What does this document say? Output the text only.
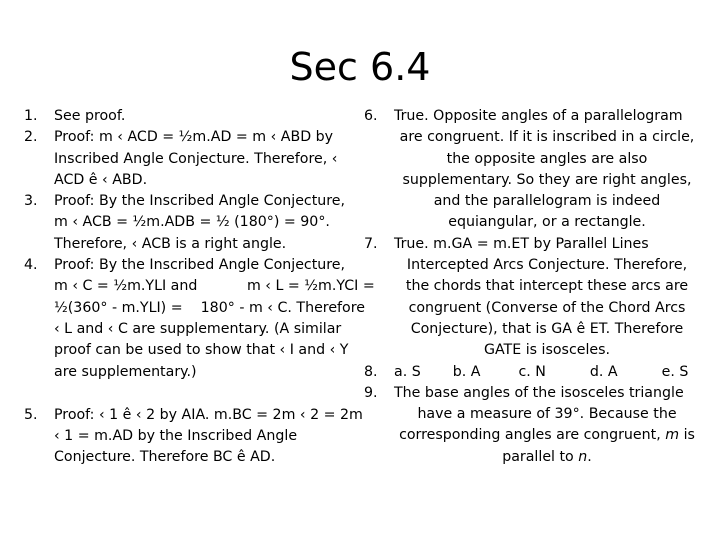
Sec 6.4
1. See proof.
2. Proof: m ‹ ACD = ½m.AD = m ‹ ABD by
Inscribed Angle Conjecture. Therefore, ‹
ACD ê ‹ ABD.
3. Proof: By the Inscribed Angle Conjecture,
m ‹ ACB = ½m.ADB = ½ (180°) = 90°.
Therefore, ‹ ACB is a right angle.
4. Proof: By the Inscribed Angle Conjecture,
m ‹ C = ½m.YLI and           m ‹ L = ½m.YCI =
½(360° - m.YLI) =    180° - m ‹ C. Therefore
‹ L and ‹ C are supplementary. (A similar
proof can be used to show that ‹ I and ‹ Y
are supplementary.)
5. Proof: ‹ 1 ê ‹ 2 by AIA. m.BC = 2m ‹ 2 = 2m
‹ 1 = m.AD by the Inscribed Angle
Conjecture. Therefore BC ê AD.
6. True. Opposite angles of a parallelogram
are congruent. If it is inscribed in a circle,
the opposite angles are also
supplementary. So they are right angles,
and the parallelogram is indeed
equiangular, or a rectangle.
7. True. m.GA = m.ET by Parallel Lines
Intercepted Arcs Conjecture. Therefore,
the chords that intercept these arcs are
congruent (Converse of the Chord Arcs
Conjecture), that is GA ê ET. Therefore
GATE is isosceles.
8. a. S b. A	c. N	d. A	e. S
9. The base angles of the isosceles triangle
have a measure of 39°. Because the
corresponding angles are congruent, m is
parallel to n.
